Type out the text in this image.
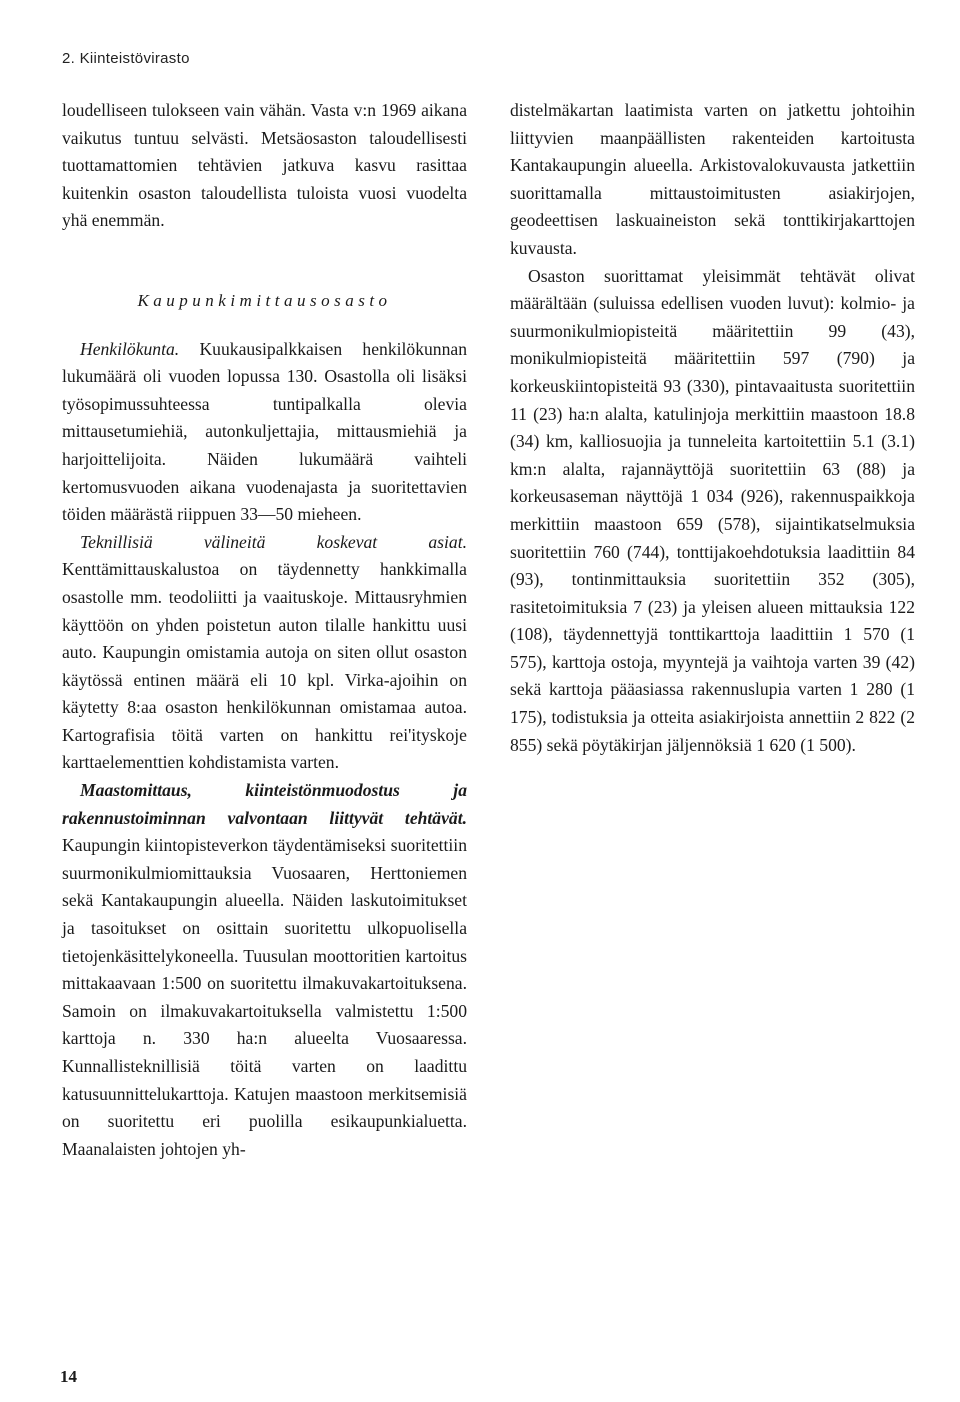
2. Kiinteistövirasto

loudelliseen tulokseen vain vähän. Vasta v:n 1969 aikana vaikutus tuntuu selvästi. Metsäosaston taloudellisesti tuottamattomien tehtävien jatkuva kasvu rasittaa kuitenkin osaston taloudellista tuloista vuosi vuodelta yhä enemmän.

Kaupunkimittausosasto

Henkilökunta. Kuukausipalkkaisen henkilökunnan lukumäärä oli vuoden lopussa 130. Osastolla oli lisäksi työsopimussuhteessa tuntipalkalla olevia mittausetumiehiä, autonkuljettajia, mittausmiehiä ja harjoittelijoita. Näiden lukumäärä vaihteli kertomusvuoden aikana vuodenajasta ja suoritettavien töiden määrästä riippuen 33—50 mieheen.

Teknillisiä välineitä koskevat asiat. Kenttämittauskalustoa on täydennetty hankkimalla osastolle mm. teodoliitti ja vaaituskoje. Mittausryhmien käyttöön on yhden poistetun auton tilalle hankittu uusi auto. Kaupungin omistamia autoja on siten ollut osaston käytössä entinen määrä eli 10 kpl. Virka-ajoihin on käytetty 8:aa osaston henkilökunnan omistamaa autoa. Kartografisia töitä varten on hankittu rei'ityskoje karttaelementtien kohdistamista varten.

Maastomittaus, kiinteistönmuodostus ja rakennustoiminnan valvontaan liittyvät tehtävät. Kaupungin kiintopisteverkon täydentämiseksi suoritettiin suurmonikulmiomittauksia Vuosaaren, Herttoniemen sekä Kantakaupungin alueella. Näiden laskutoimitukset ja tasoitukset on osittain suoritettu ulkopuolisella tietojenkäsittelykoneella. Tuusulan moottoritien kartoitus mittakaavaan 1:500 on suoritettu ilmakuvakartoituksena. Samoin on ilmakuvakartoituksella valmistettu 1:500 karttoja n. 330 ha:n alueelta Vuosaaressa. Kunnallisteknillisiä töitä varten on laadittu katusuunnittelukarttoja. Katujen maastoon merkitsemisiä on suoritettu eri puolilla esikaupunkialuetta. Maanalaisten johtojen yh-

distelmäkartan laatimista varten on jatkettu johtoihin liittyvien maanpäällisten rakenteiden kartoitusta Kantakaupungin alueella. Arkistovalokuvausta jatkettiin suorittamalla mittaustoimitusten asiakirjojen, geodeettisen laskuaineiston sekä tonttikirjakarttojen kuvausta.

Osaston suorittamat yleisimmät tehtävät olivat määrältään (suluissa edellisen vuoden luvut): kolmio- ja suurmonikulmiopisteitä määritettiin 99 (43), monikulmiopisteitä määritettiin 597 (790) ja korkeuskiintopisteitä 93 (330), pintavaaitusta suoritettiin 11 (23) ha:n alalta, katulinjoja merkittiin maastoon 18.8 (34) km, kalliosuojia ja tunneleita kartoitettiin 5.1 (3.1) km:n alalta, rajannäyttöjä suoritettiin 63 (88) ja korkeusaseman näyttöjä 1 034 (926), rakennuspaikkoja merkittiin maastoon 659 (578), sijaintikatselmuksia suoritettiin 760 (744), tonttijakoehdotuksia laadittiin 84 (93), tontinmittauksia suoritettiin 352 (305), rasitetoimituksia 7 (23) ja yleisen alueen mittauksia 122 (108), täydennettyjä tonttikarttoja laadittiin 1 570 (1 575), karttoja ostoja, myyntejä ja vaihtoja varten 39 (42) sekä karttoja pääasiassa rakennuslupia varten 1 280 (1 175), todistuksia ja otteita asiakirjoista annettiin 2 822 (2 855) sekä pöytäkirjan jäljennöksiä 1 620 (1 500).

14
